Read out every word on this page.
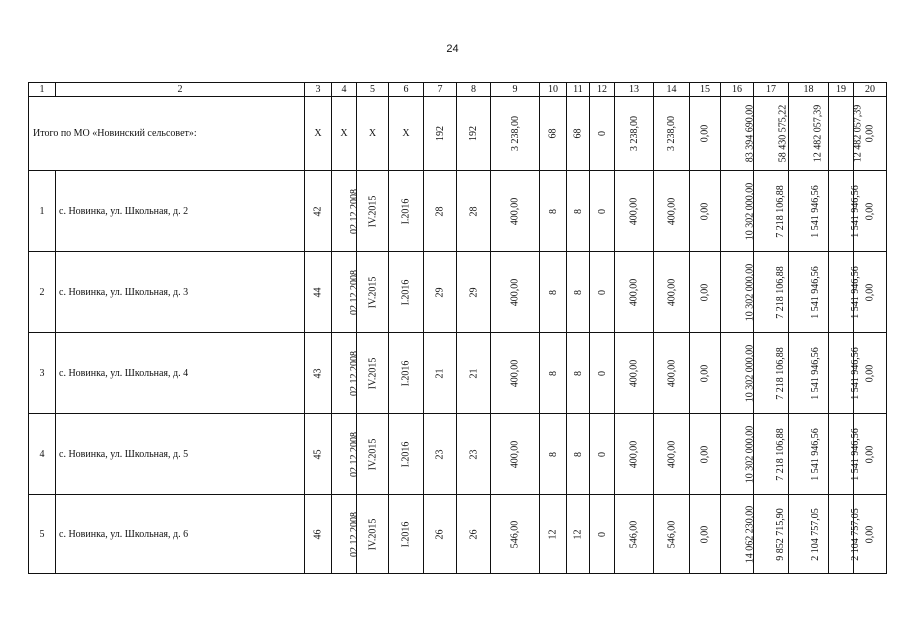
24
1	2	3	4	5	6	7	8	9	10	11	12	13	14	15	16	17	18	19	20
Итого по МО «Новинский сельсовет»:		Х	Х	Х	Х	192	192	3 238,00	68	68	0	3 238,00	3 238,00	0,00	83 394 690,00	58 430 575,22	12 482 057,39	12 482 057,39	0,00
1	с. Новинка, ул. Школьная, д. 2	42	02.12.2008	IV.2015	I.2016	28	28	400,00	8	8	0	400,00	400,00	0,00	10 302 000,00	7 218 106,88	1 541 946,56	1 541 946,56	0,00
2	с. Новинка, ул. Школьная, д. 3	44	02.12.2008	IV.2015	I.2016	29	29	400,00	8	8	0	400,00	400,00	0,00	10 302 000,00	7 218 106,88	1 541 946,56	1 541 946,56	0,00
3	с. Новинка, ул. Школьная, д. 4	43	02.12.2008	IV.2015	I.2016	21	21	400,00	8	8	0	400,00	400,00	0,00	10 302 000,00	7 218 106,88	1 541 946,56	1 541 946,56	0,00
4	с. Новинка, ул. Школьная, д. 5	45	02.12.2008	IV.2015	I.2016	23	23	400,00	8	8	0	400,00	400,00	0,00	10 302 000,00	7 218 106,88	1 541 946,56	1 541 946,56	0,00
5	с. Новинка, ул. Школьная, д. 6	46	02.12.2008	IV.2015	I.2016	26	26	546,00	12	12	0	546,00	546,00	0,00	14 062 230,00	9 852 715,90	2 104 757,05	2 104 757,05	0,00
